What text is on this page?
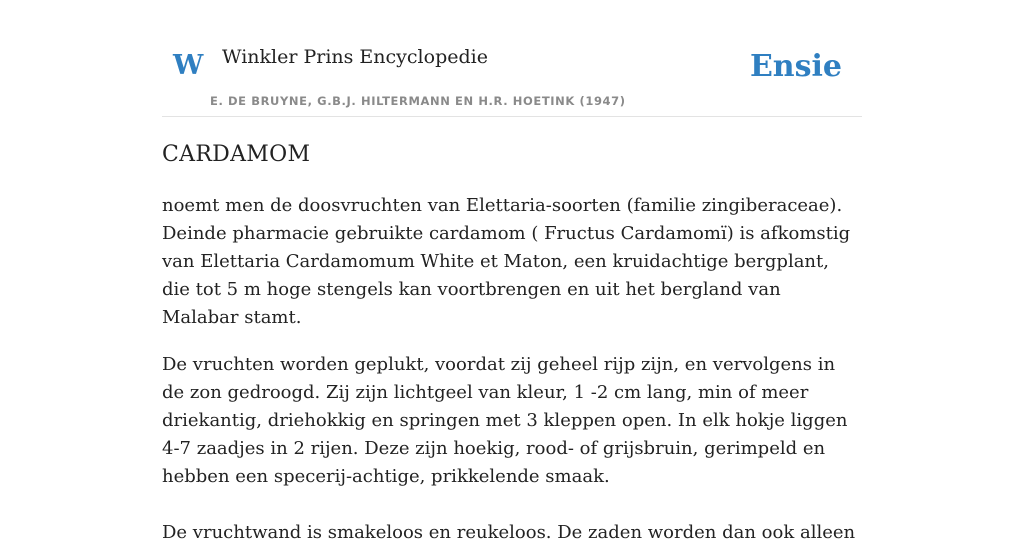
W Winkler Prins Encyclopedie
E. DE BRUYNE, G.B.J. HILTERMANN EN H.R. HOETINK (1947)
Ensie
CARDAMOM

noemt men de doosvruchten van Elettaria-soorten (familie zingiberaceae). Deinde pharmacie gebruikte cardamom ( Fructus Cardamomï) is afkomstig van Elettaria Cardamomum White et Maton, een kruidachtige bergplant, die tot 5 m hoge stengels kan voortbrengen en uit het bergland van Malabar stamt.

De vruchten worden geplukt, voordat zij geheel rijp zijn, en vervolgens in de zon gedroogd. Zij zijn lichtgeel van kleur, 1 -2 cm lang, min of meer driekantig, driehokkig en springen met 3 kleppen open. In elk hokje liggen 4-7 zaadjes in 2 rijen. Deze zijn hoekig, rood- of grijsbruin, gerimpeld en hebben een specerij-achtige, prikkelende smaak.

De vruchtwand is smakeloos en reukeloos. De zaden worden dan ook alleen
